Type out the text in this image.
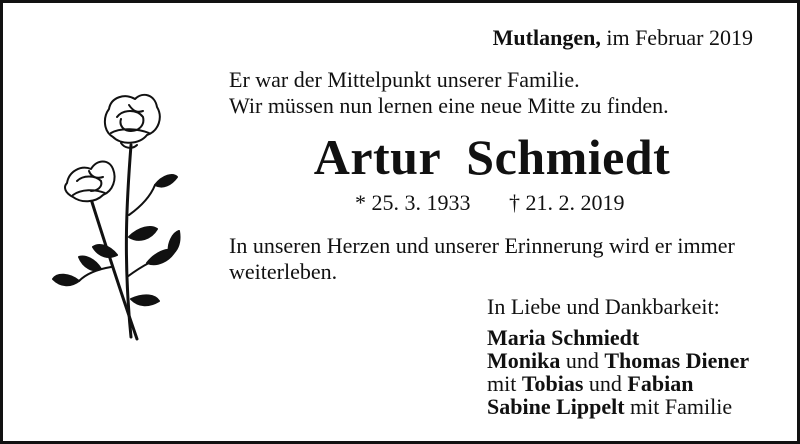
Mutlangen, im Februar 2019
Er war der Mittelpunkt unserer Familie.
Wir müssen nun lernen eine neue Mitte zu finden.
Artur  Schmiedt
* 25. 3. 1933 † 21. 2. 2019
In unseren Herzen und unserer Erinnerung wird er immer
weiterleben.
In Liebe und Dankbarkeit:
Maria Schmiedt
Monika und Thomas Diener
mit Tobias und Fabian
Sabine Lippelt mit Familie
